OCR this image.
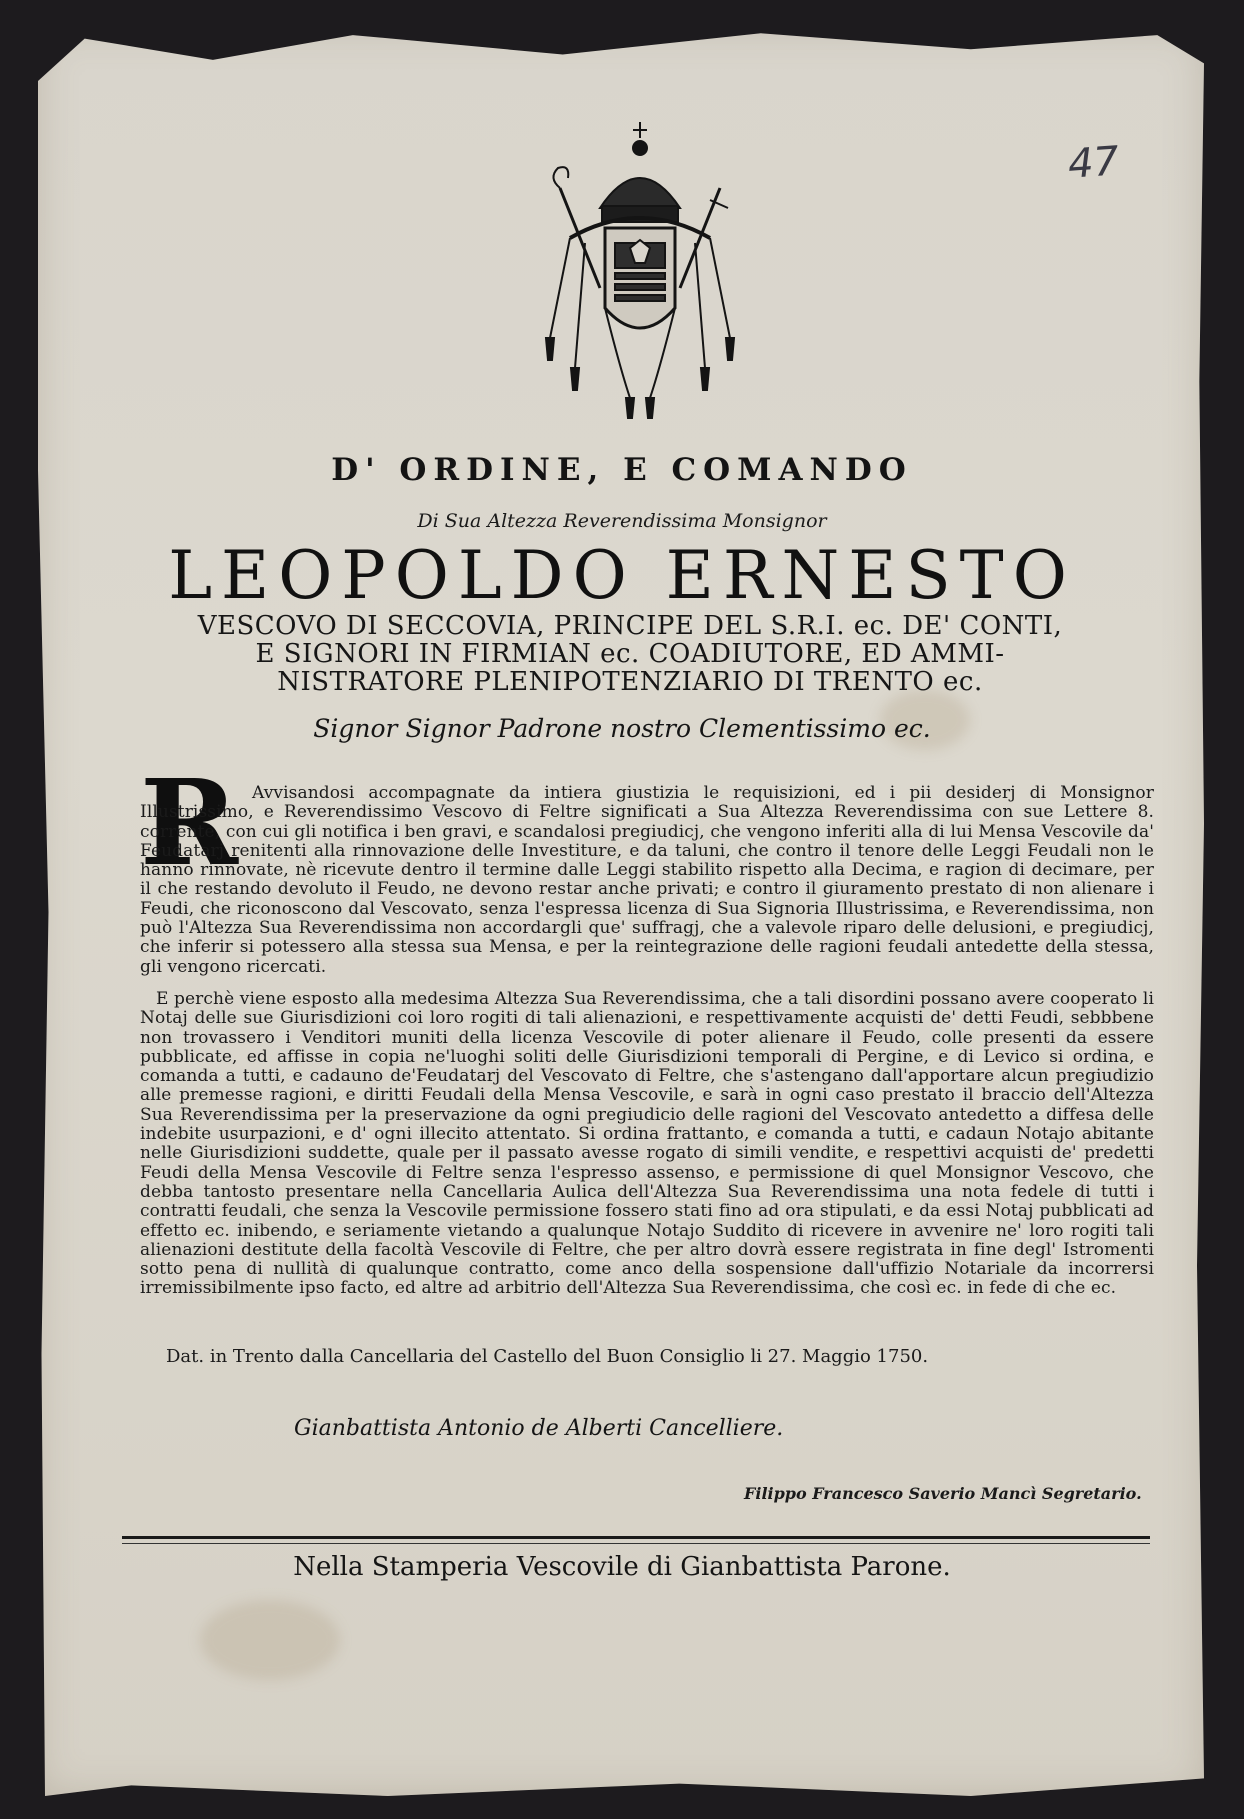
47
D' ORDINE, E COMANDO
Di Sua Altezza Reverendissima Monsignor
LEOPOLDO ERNESTO
VESCOVO DI SECCOVIA, PRINCIPE DEL S.R.I. ec. DE' CONTI,
E SIGNORI IN FIRMIAN ec. COADIUTORE, ED AMMI-
NISTRATORE PLENIPOTENZIARIO DI TRENTO ec.
Signor Signor Padrone nostro Clementissimo ec.
R Avvisandosi accompagnate da intiera giustizia le requisizioni, ed i pii desiderj di Monsignor Illustrissimo, e Reverendissimo Vescovo di Feltre significati a Sua Altezza Reverendissima con sue Lettere 8. corrente, con cui gli notifica i ben gravi, e scandalosi pregiudicj, che vengono inferiti alla di lui Mensa Vescovile da' Feudatarj renitenti alla rinnovazione delle Investiture, e da taluni, che contro il tenore delle Leggi Feudali non le hanno rinnovate, nè ricevute dentro il termine dalle Leggi stabilito rispetto alla Decima, e ragion di decimare, per il che restando devoluto il Feudo, ne devono restar anche privati; e contro il giuramento prestato di non alienare i Feudi, che riconoscono dal Vescovato, senza l'espressa licenza di Sua Signoria Illustrissima, e Reverendissima, non può l'Altezza Sua Reverendissima non accordargli que' suffragj, che a valevole riparo delle delusioni, e pregiudicj, che inferir si potessero alla stessa sua Mensa, e per la reintegrazione delle ragioni feudali antedette della stessa, gli vengono ricercati.
E perchè viene esposto alla medesima Altezza Sua Reverendissima, che a tali disordini possano avere cooperato li Notaj delle sue Giurisdizioni coi loro rogiti di tali alienazioni, e respettivamente acquisti de' detti Feudi, sebbbene non trovassero i Venditori muniti della licenza Vescovile di poter alienare il Feudo, colle presenti da essere pubblicate, ed affisse in copia ne'luoghi soliti delle Giurisdizioni temporali di Pergine, e di Levico si ordina, e comanda a tutti, e cadauno de'Feudatarj del Vescovato di Feltre, che s'astengano dall'apportare alcun pregiudizio alle premesse ragioni, e diritti Feudali della Mensa Vescovile, e sarà in ogni caso prestato il braccio dell'Altezza Sua Reverendissima per la preservazione da ogni pregiudicio delle ragioni del Vescovato antedetto a diffesa delle indebite usurpazioni, e d' ogni illecito attentato. Si ordina frattanto, e comanda a tutti, e cadaun Notajo abitante nelle Giurisdizioni suddette, quale per il passato avesse rogato di simili vendite, e respettivi acquisti de' predetti Feudi della Mensa Vescovile di Feltre senza l'espresso assenso, e permissione di quel Monsignor Vescovo, che debba tantosto presentare nella Cancellaria Aulica dell'Altezza Sua Reverendissima una nota fedele di tutti i contratti feudali, che senza la Vescovile permissione fossero stati fino ad ora stipulati, e da essi Notaj pubblicati ad effetto ec. inibendo, e seriamente vietando a qualunque Notajo Suddito di ricevere in avvenire ne' loro rogiti tali alienazioni destitute della facoltà Vescovile di Feltre, che per altro dovrà essere registrata in fine degl' Istromenti sotto pena di nullità di qualunque contratto, come anco della sospensione dall'uffizio Notariale da incorrersi irremissibilmente ipso facto, ed altre ad arbitrio dell'Altezza Sua Reverendissima, che così ec. in fede di che ec.
Dat. in Trento dalla Cancellaria del Castello del Buon Consiglio li 27. Maggio 1750.
Gianbattista Antonio de Alberti Cancelliere.
Filippo Francesco Saverio Mancì Segretario.
Nella Stamperia Vescovile di Gianbattista Parone.
